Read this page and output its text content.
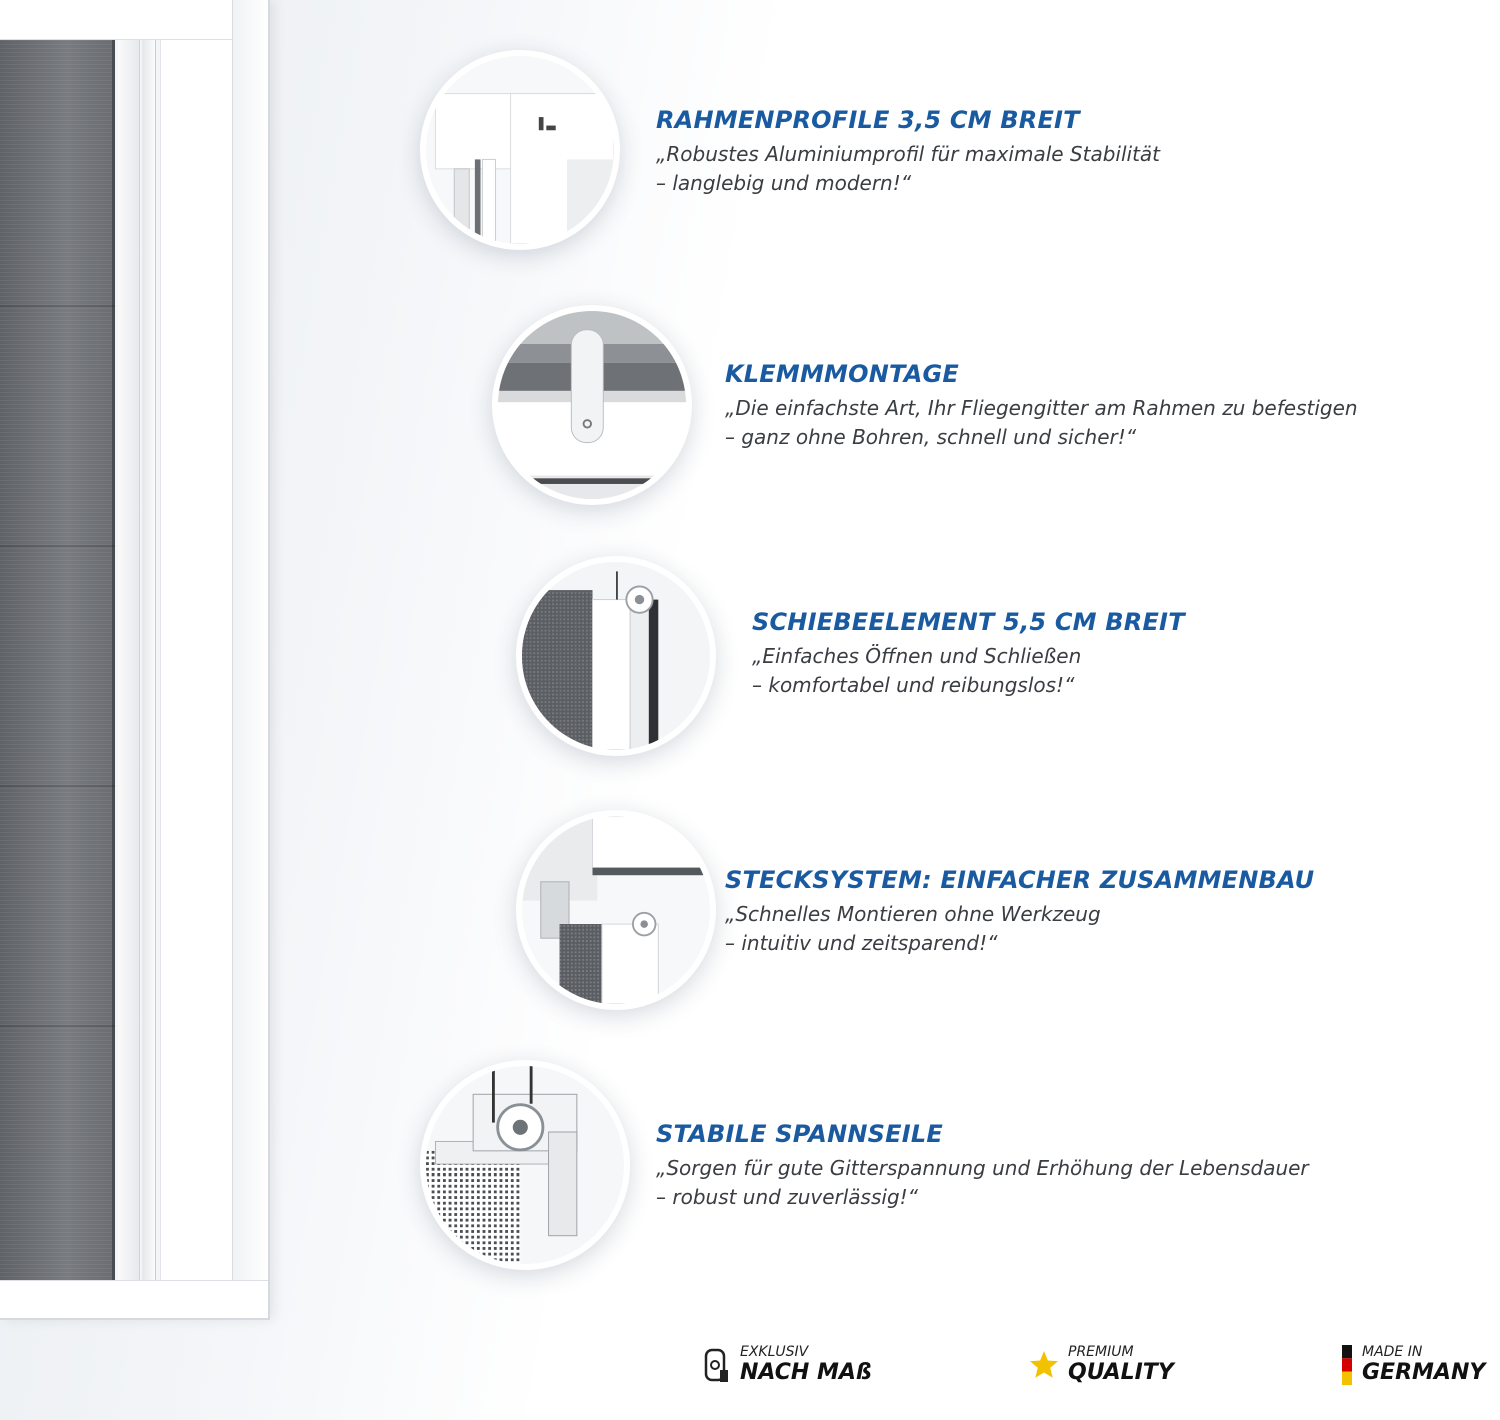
RAHMENPROFILE 3,5 CM BREIT

„Robustes Aluminiumprofil für maximale Stabilität

– langlebig und modern!“

KLEMMMONTAGE

„Die einfachste Art, Ihr Fliegengitter am Rahmen zu befestigen

– ganz ohne Bohren, schnell und sicher!“

SCHIEBEELEMENT 5,5 CM BREIT

„Einfaches Öffnen und Schließen

– komfortabel und reibungslos!“

STECKSYSTEM: EINFACHER ZUSAMMENBAU

„Schnelles Montieren ohne Werkzeug

– intuitiv und zeitsparend!“

STABILE SPANNSEILE

„Sorgen für gute Gitterspannung und Erhöhung der Lebensdauer

– robust und zuverlässig!“

EXKLUSIV
NACH MAß
PREMIUM
QUALITY
MADE IN
GERMANY
